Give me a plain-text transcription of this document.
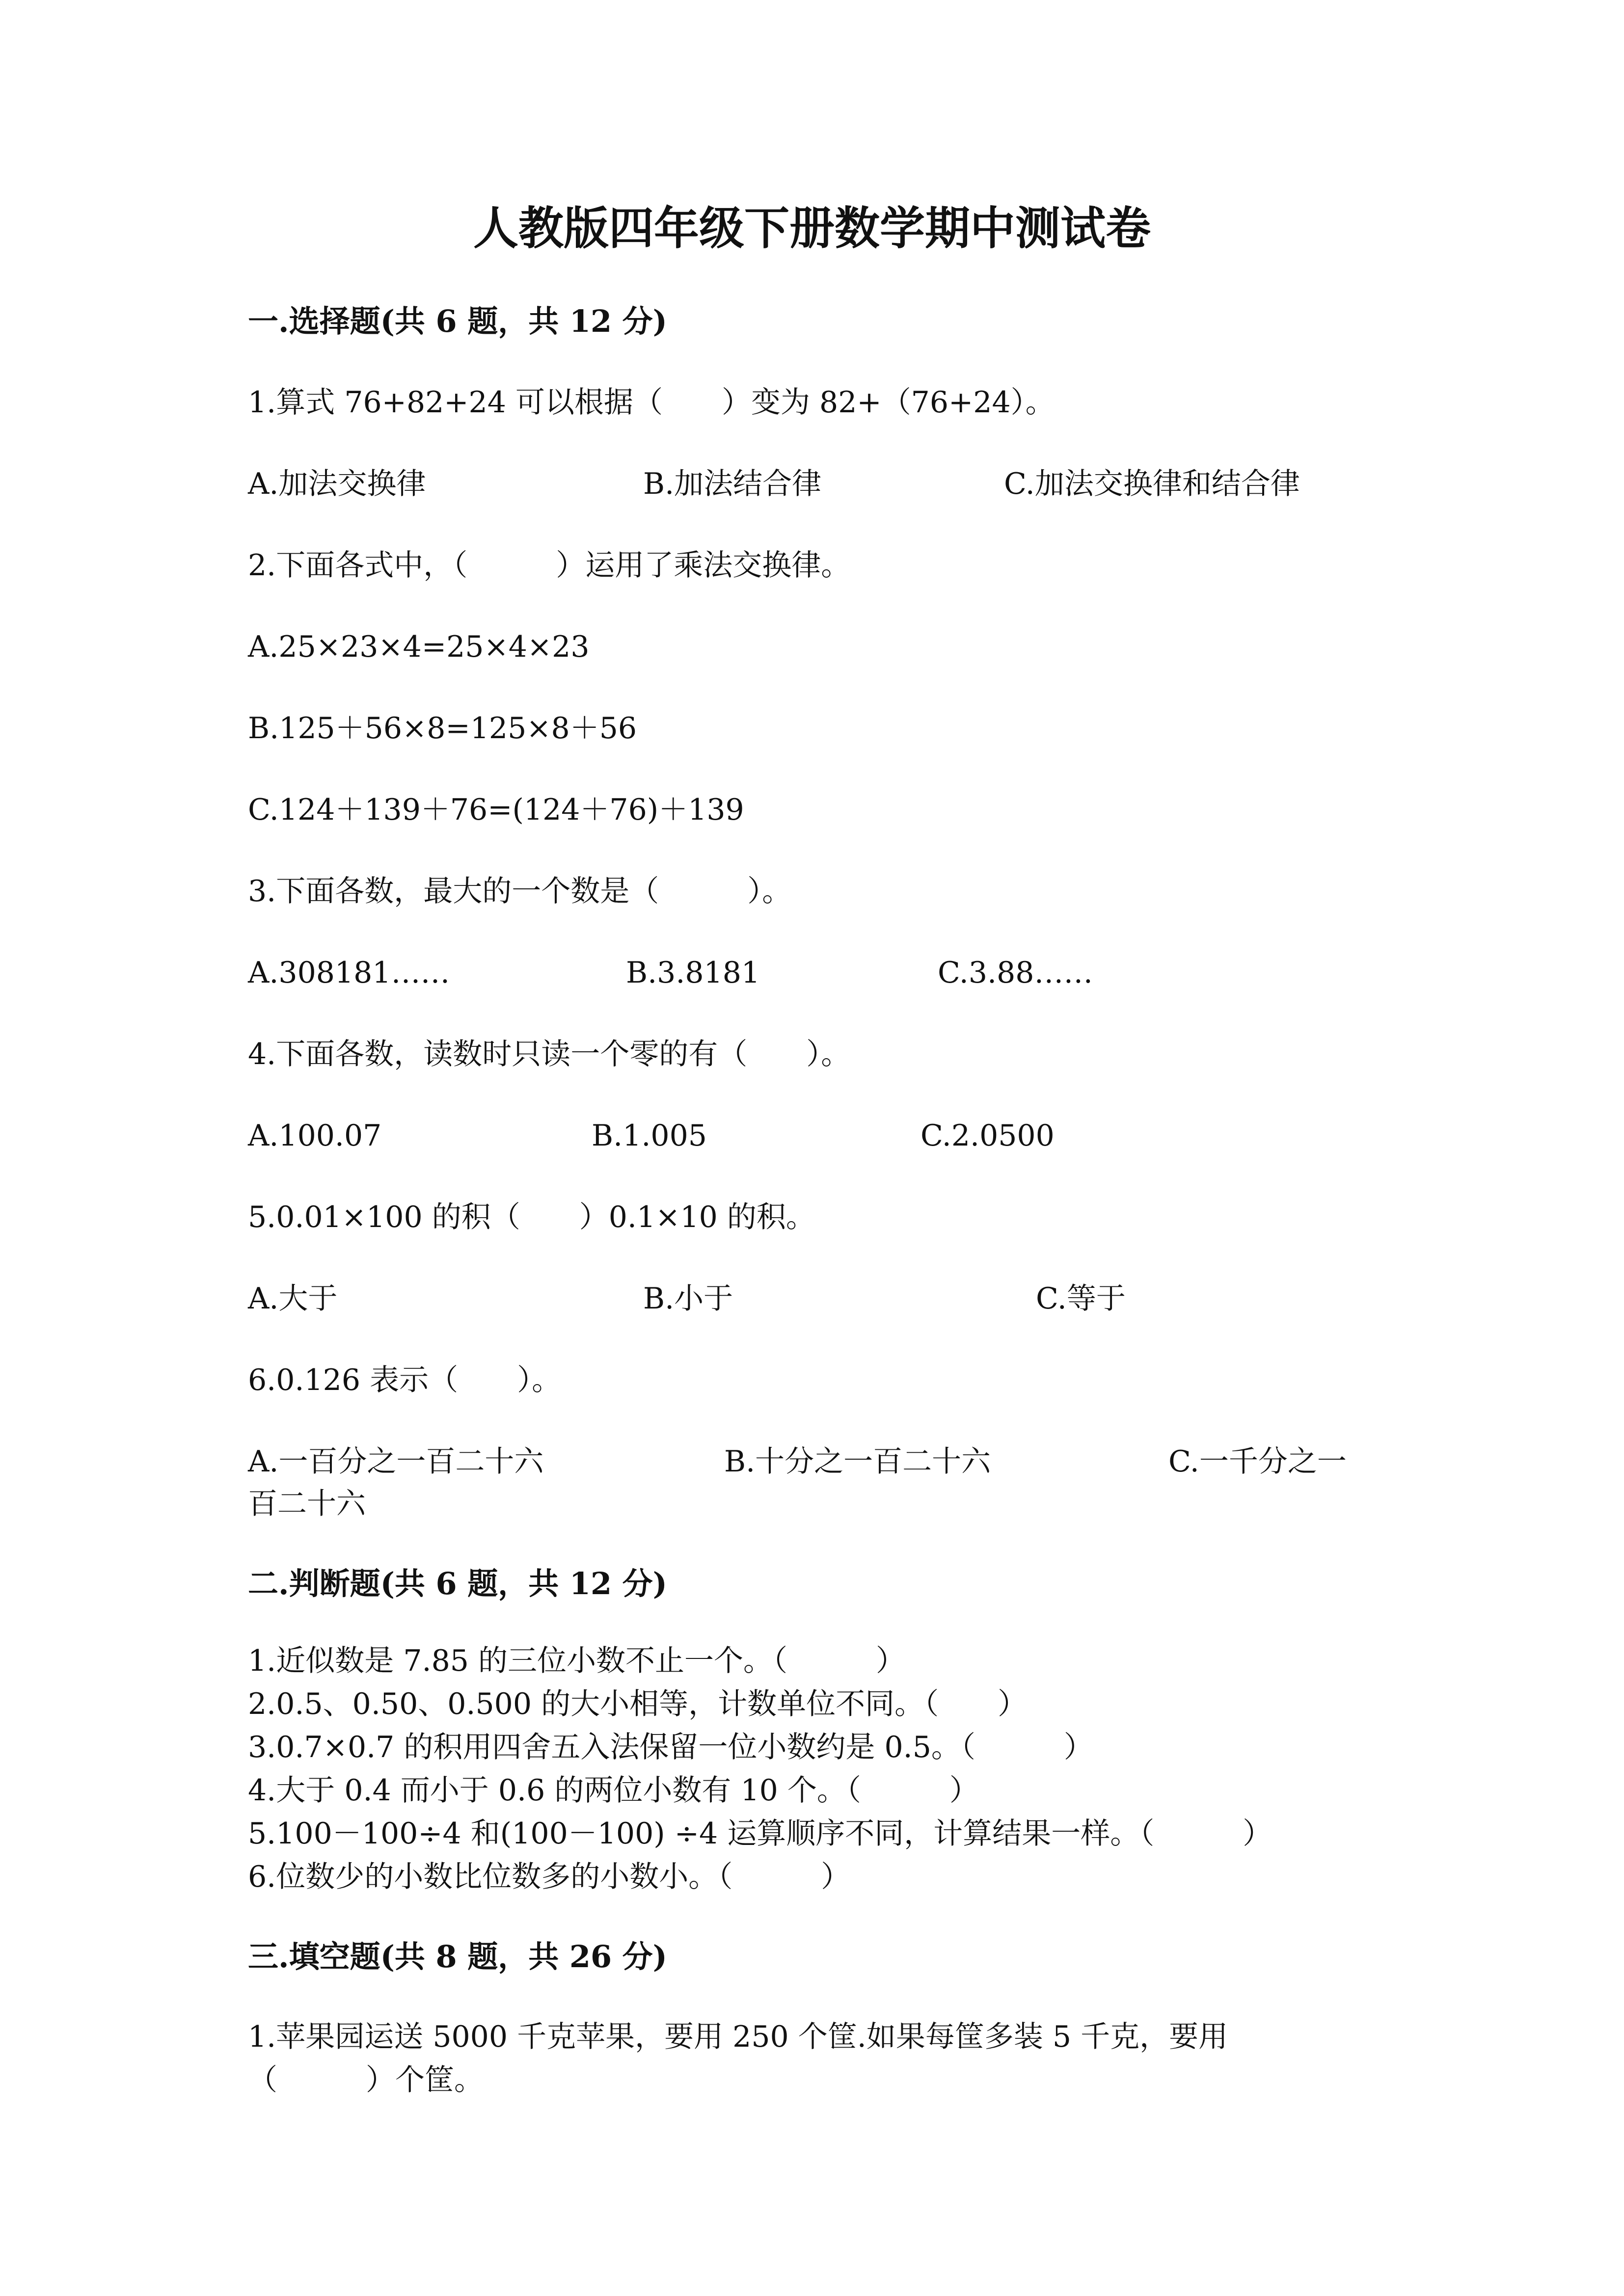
人教版四年级下册数学期中测试卷
一.选择题(共 6 题，共 12 分)
1.算式 76+82+24 可以根据（　　）变为 82+（76+24）。
A.加法交换律	B.加法结合律	C.加法交换律和结合律
2.下面各式中，（　　　）运用了乘法交换律。
A.25×23×4=25×4×23
B.125＋56×8=125×8＋56
C.124＋139＋76=(124＋76)＋139
3.下面各数，最大的一个数是（　　　）。
A.308181……	B.3.8181	C.3.88……
4.下面各数，读数时只读一个零的有（　　）。
A.100.07	B.1.005	C.2.0500
5.0.01×100 的积（　　）0.1×10 的积。
A.大于	B.小于	C.等于
6.0.126 表示（　　）。
A.一百分之一百二十六	B.十分之一百二十六	C.一千分之一
百二十六
二.判断题(共 6 题，共 12 分)
1.近似数是 7.85 的三位小数不止一个。（　　　）
2.0.5、0.50、0.500 的大小相等，计数单位不同。（　　）
3.0.7×0.7 的积用四舍五入法保留一位小数约是 0.5。（　　　）
4.大于 0.4 而小于 0.6 的两位小数有 10 个。（　　　）
5.100－100÷4 和(100－100) ÷4 运算顺序不同，计算结果一样。（　　　）
6.位数少的小数比位数多的小数小。（　　　）
三.填空题(共 8 题，共 26 分)
1.苹果园运送 5000 千克苹果，要用 250 个筐.如果每筐多装 5 千克，要用
（　　　）个筐。
